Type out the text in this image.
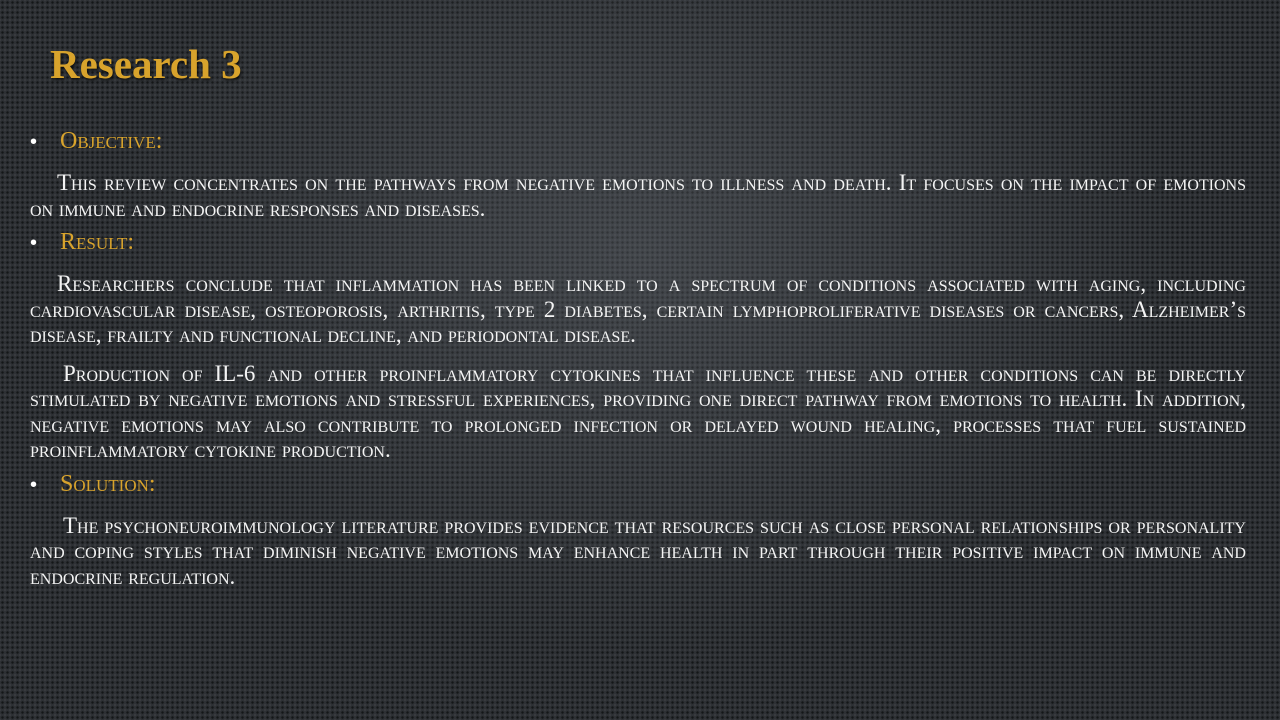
Research 3
• Objective:

This review concentrates on the pathways from negative emotions to illness and death. It focuses on the impact of emotions on immune and endocrine responses and diseases.

• Result:

Researchers conclude that inflammation has been linked to a spectrum of conditions associated with aging, including cardiovascular disease, osteoporosis, arthritis, type 2 diabetes, certain lymphoproliferative diseases or cancers, Alzheimer’s disease, frailty and functional decline, and periodontal disease.

Production of IL-6 and other proinflammatory cytokines that influence these and other conditions can be directly stimulated by negative emotions and stressful experiences, providing one direct pathway from emotions to health. In addition, negative emotions may also contribute to prolonged infection or delayed wound healing, processes that fuel sustained proinflammatory cytokine production.

• Solution:

The psychoneuroimmunology literature provides evidence that resources such as close personal relationships or personality and coping styles that diminish negative emotions may enhance health in part through their positive impact on immune and endocrine regulation.
